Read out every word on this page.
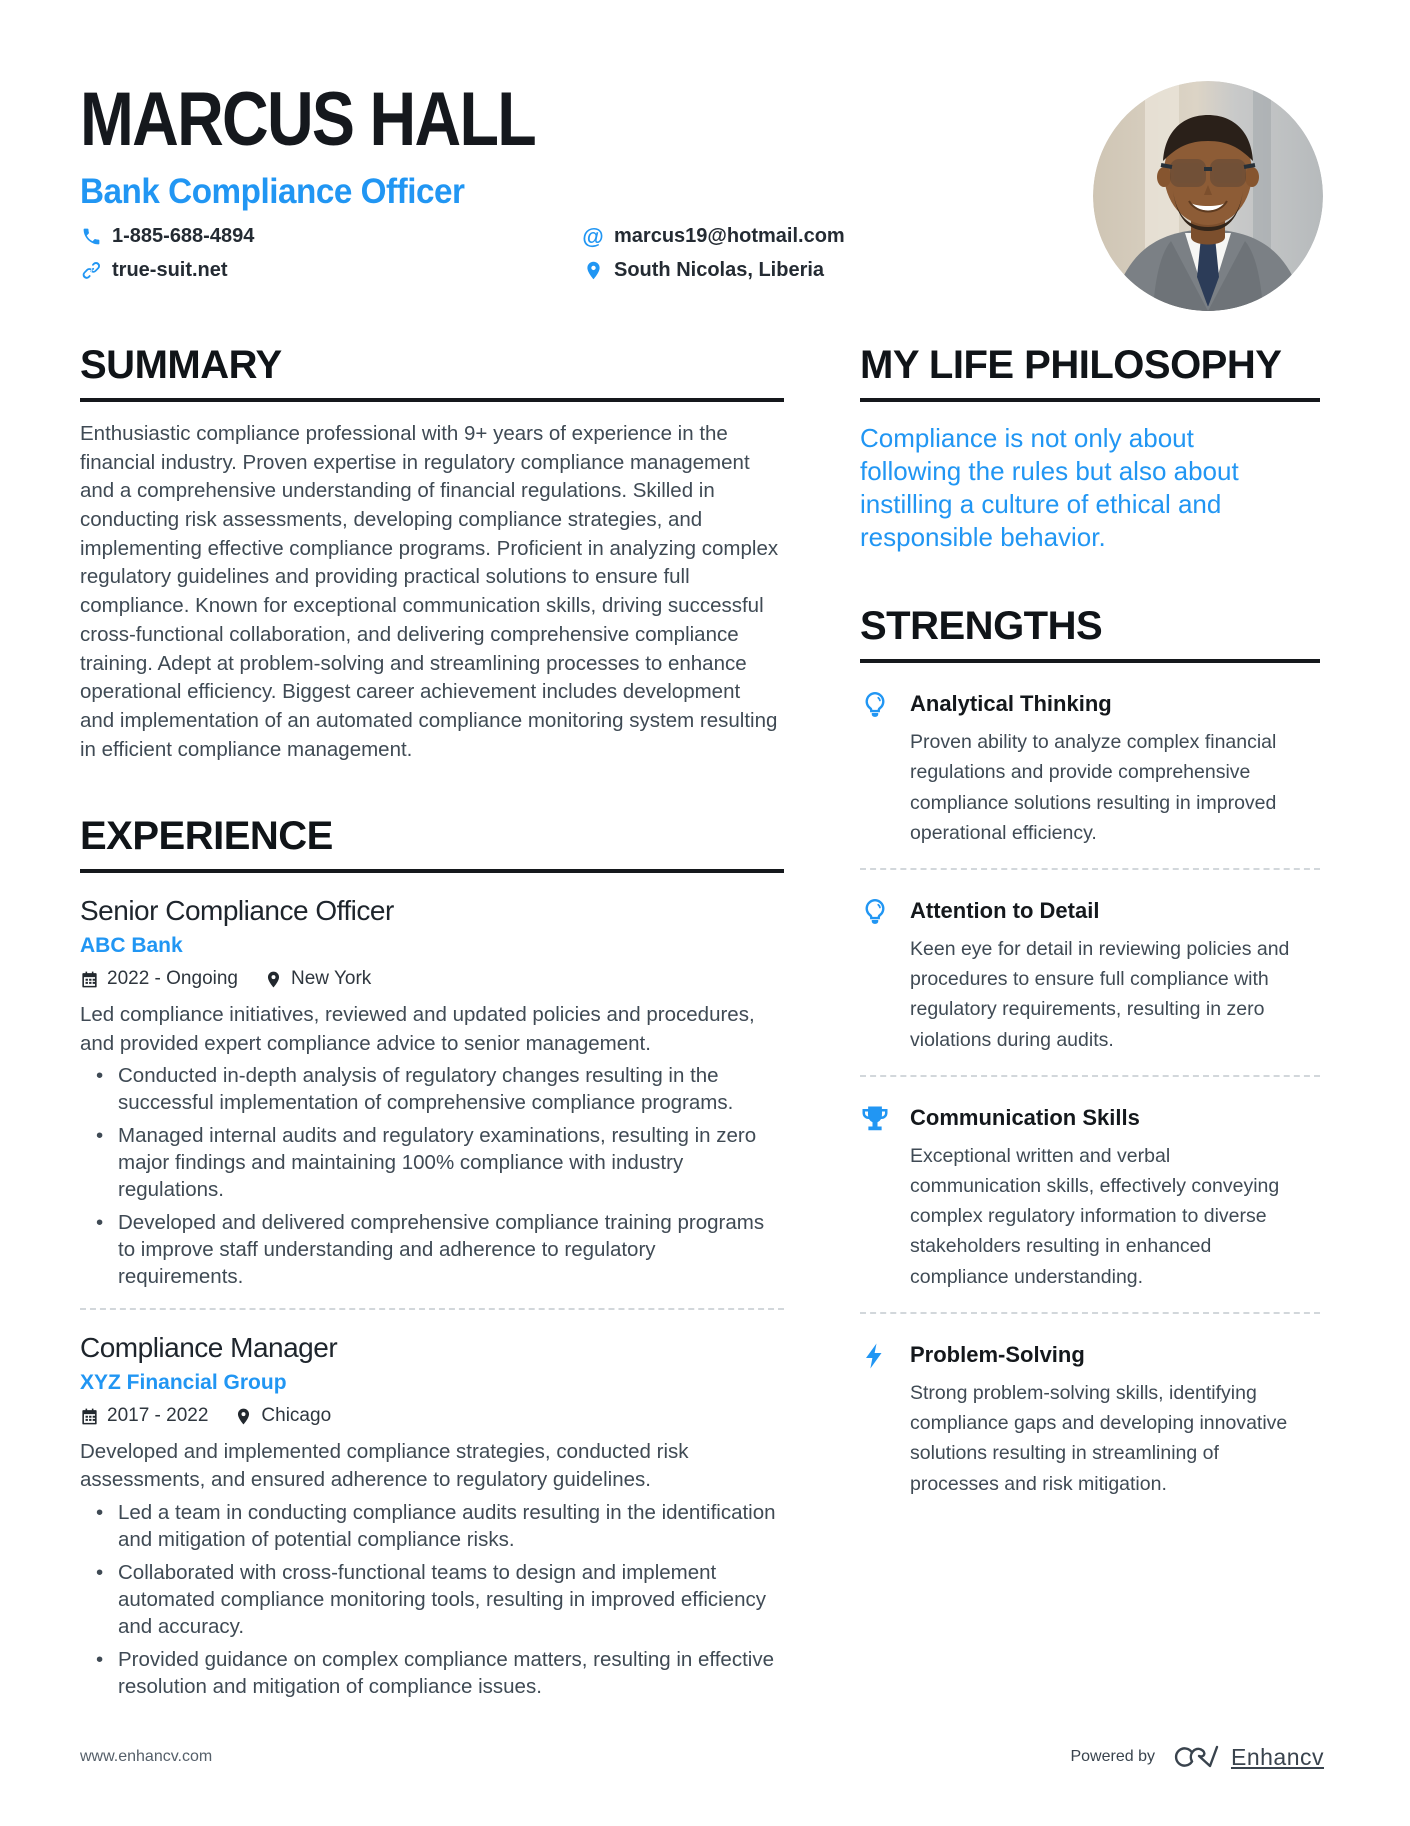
MARCUS HALL
Bank Compliance Officer
1-885-688-4894	@ marcus19@hotmail.com
true-suit.net	South Nicolas, Liberia
SUMMARY

Enthusiastic compliance professional with 9+ years of experience in the financial industry. Proven expertise in regulatory compliance management and a comprehensive understanding of financial regulations. Skilled in conducting risk assessments, developing compliance strategies, and implementing effective compliance programs. Proficient in analyzing complex regulatory guidelines and providing practical solutions to ensure full compliance. Known for exceptional communication skills, driving successful cross-functional collaboration, and delivering comprehensive compliance training. Adept at problem-solving and streamlining processes to enhance operational efficiency. Biggest career achievement includes development and implementation of an automated compliance monitoring system resulting in efficient compliance management.

EXPERIENCE
Senior Compliance Officer
ABC Bank
2022 - Ongoing	New York

Led compliance initiatives, reviewed and updated policies and procedures, and provided expert compliance advice to senior management.

• Conducted in-depth analysis of regulatory changes resulting in the successful implementation of comprehensive compliance programs.
• Managed internal audits and regulatory examinations, resulting in zero major findings and maintaining 100% compliance with industry regulations.
• Developed and delivered comprehensive compliance training programs to improve staff understanding and adherence to regulatory requirements.
Compliance Manager
XYZ Financial Group
2017 - 2022	Chicago

Developed and implemented compliance strategies, conducted risk assessments, and ensured adherence to regulatory guidelines.

• Led a team in conducting compliance audits resulting in the identification and mitigation of potential compliance risks.
• Collaborated with cross-functional teams to design and implement automated compliance monitoring tools, resulting in improved efficiency and accuracy.
• Provided guidance on complex compliance matters, resulting in effective resolution and mitigation of compliance issues.
MY LIFE PHILOSOPHY

Compliance is not only about following the rules but also about instilling a culture of ethical and responsible behavior.

STRENGTHS
Analytical Thinking

Proven ability to analyze complex financial regulations and provide comprehensive compliance solutions resulting in improved operational efficiency.

Attention to Detail

Keen eye for detail in reviewing policies and procedures to ensure full compliance with regulatory requirements, resulting in zero violations during audits.

Communication Skills

Exceptional written and verbal communication skills, effectively conveying complex regulatory information to diverse stakeholders resulting in enhanced compliance understanding.

Problem-Solving

Strong problem-solving skills, identifying compliance gaps and developing innovative solutions resulting in streamlining of processes and risk mitigation.

www.enhancv.com	Powered by	Enhancv
